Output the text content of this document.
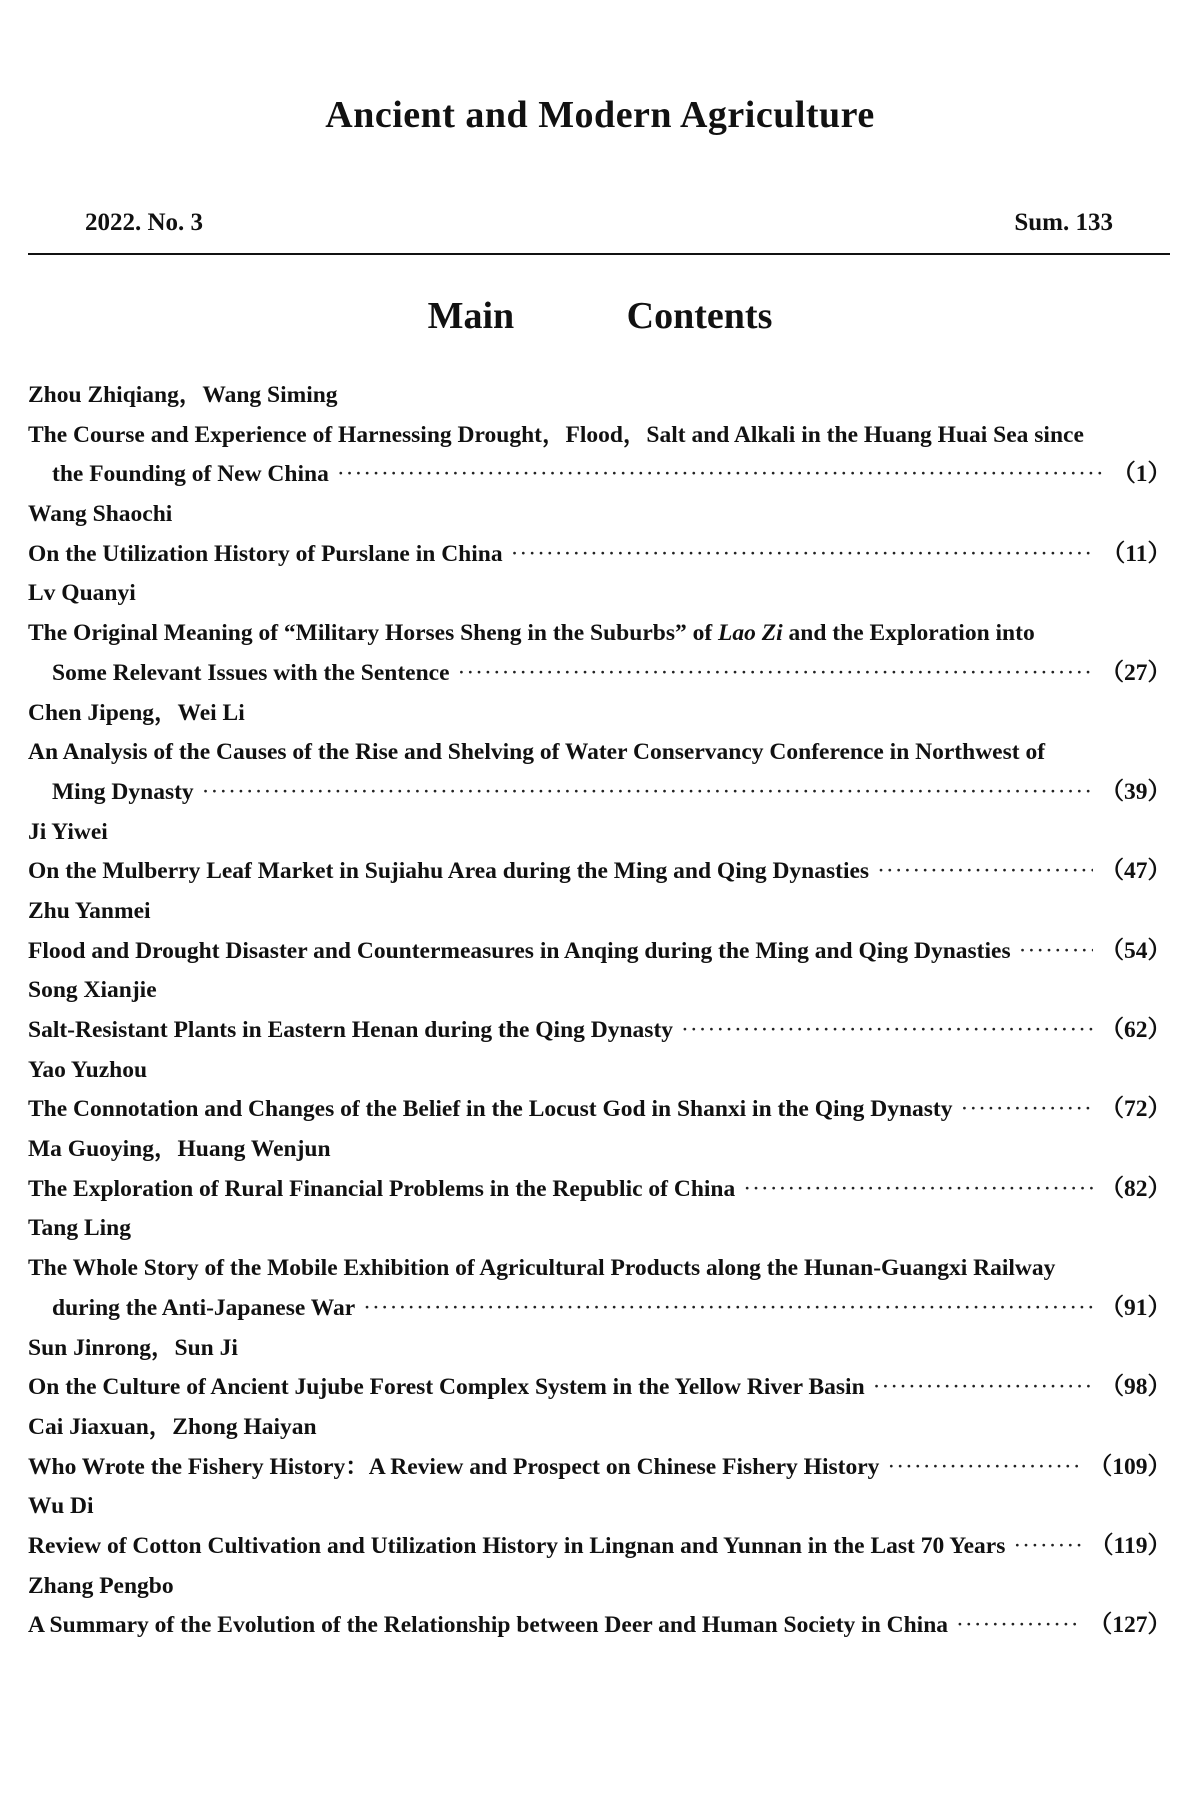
Ancient and Modern Agriculture
2022. No. 3	Sum. 133
Main   Contents
Zhou Zhiqiang，Wang Siming
The Course and Experience of Harnessing Drought，Flood，Salt and Alkali in the Huang Huai Sea since
the Founding of New China ·····	（1）
Wang Shaochi
On the Utilization History of Purslane in China ·····	（11）
Lv Quanyi
The Original Meaning of “Military Horses Sheng in the Suburbs” of Lao Zi and the Exploration into
Some Relevant Issues with the Sentence ·····	（27）
Chen Jipeng，Wei Li
An Analysis of the Causes of the Rise and Shelving of Water Conservancy Conference in Northwest of
Ming Dynasty ·····	（39）
Ji Yiwei
On the Mulberry Leaf Market in Sujiahu Area during the Ming and Qing Dynasties ·····	（47）
Zhu Yanmei
Flood and Drought Disaster and Countermeasures in Anqing during the Ming and Qing Dynasties ·····	（54）
Song Xianjie
Salt-Resistant Plants in Eastern Henan during the Qing Dynasty ·····	（62）
Yao Yuzhou
The Connotation and Changes of the Belief in the Locust God in Shanxi in the Qing Dynasty ·····	（72）
Ma Guoying，Huang Wenjun
The Exploration of Rural Financial Problems in the Republic of China ·····	（82）
Tang Ling
The Whole Story of the Mobile Exhibition of Agricultural Products along the Hunan-Guangxi Railway
during the Anti-Japanese War ·····	（91）
Sun Jinrong，Sun Ji
On the Culture of Ancient Jujube Forest Complex System in the Yellow River Basin ·····	（98）
Cai Jiaxuan，Zhong Haiyan
Who Wrote the Fishery History：A Review and Prospect on Chinese Fishery History ·····	（109）
Wu Di
Review of Cotton Cultivation and Utilization History in Lingnan and Yunnan in the Last 70 Years ·····	（119）
Zhang Pengbo
A Summary of the Evolution of the Relationship between Deer and Human Society in China ·····	（127）
